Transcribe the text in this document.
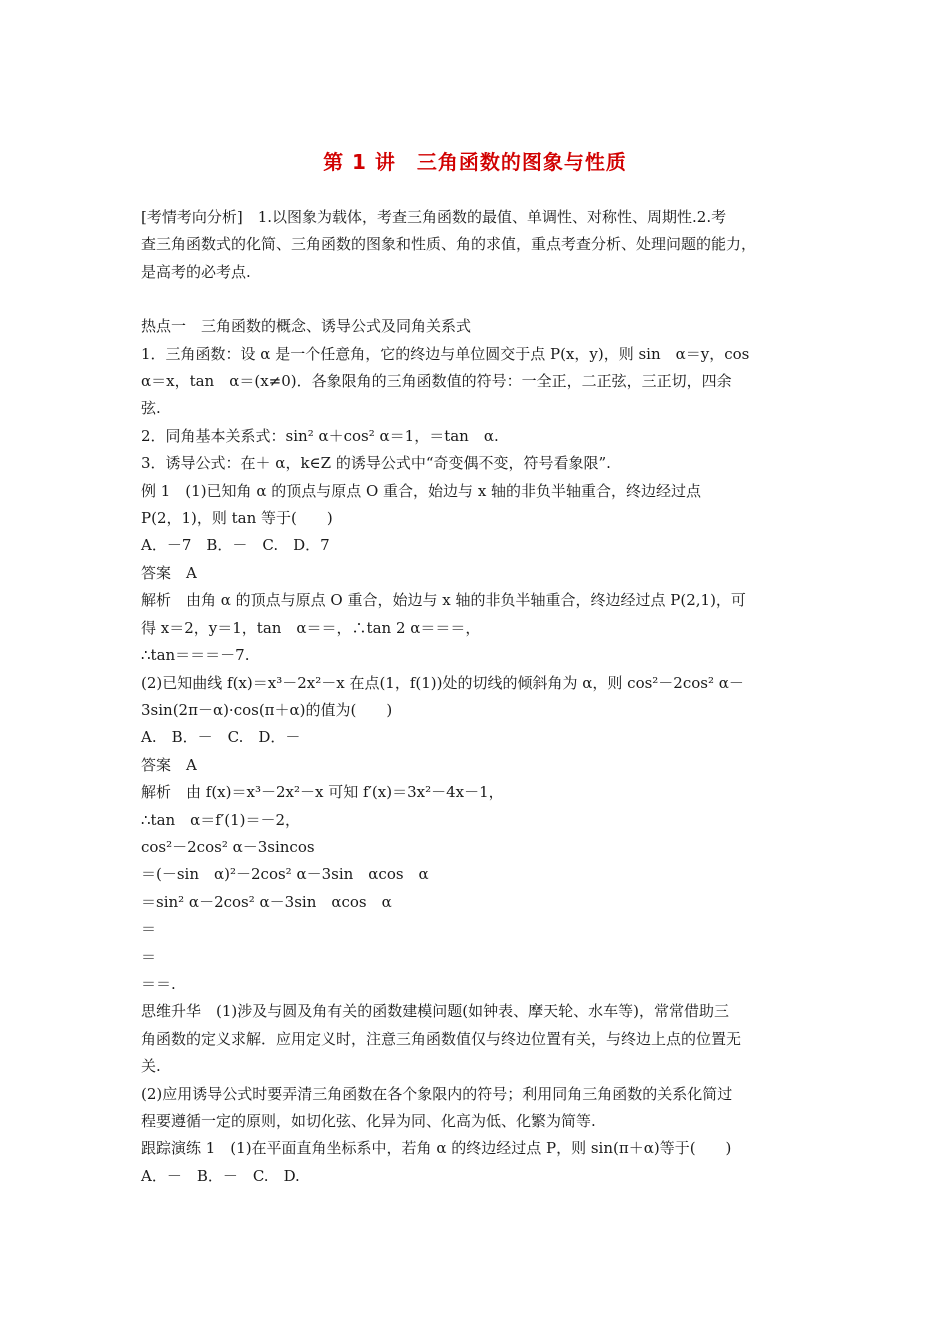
第 1 讲　三角函数的图象与性质

[考情考向分析]　1.以图象为载体，考查三角函数的最值、单调性、对称性、周期性.2.考

查三角函数式的化简、三角函数的图象和性质、角的求值，重点考查分析、处理问题的能力，

是高考的必考点.

热点一　三角函数的概念、诱导公式及同角关系式

1．三角函数：设 α 是一个任意角，它的终边与单位圆交于点 P(x，y)，则 sin　α＝y，cos

α＝x，tan　α＝(x≠0)．各象限角的三角函数值的符号：一全正，二正弦，三正切，四余

弦.

2．同角基本关系式：sin² α＋cos² α＝1，＝tan　α.

3．诱导公式：在＋ α，k∈Z 的诱导公式中“奇变偶不变，符号看象限”.

例 1　(1)已知角 α 的顶点与原点 O 重合，始边与 x 轴的非负半轴重合，终边经过点

P(2，1)，则 tan 等于(　　)

A．－7　B．－　C.　D．7

答案　A

解析　由角 α 的顶点与原点 O 重合，始边与 x 轴的非负半轴重合，终边经过点 P(2,1)，可

得 x＝2，y＝1，tan　α＝＝，∴tan 2 α＝＝＝，

∴tan＝＝＝－7.

(2)已知曲线 f(x)＝x³－2x²－x 在点(1，f(1))处的切线的倾斜角为 α，则 cos²－2cos² α－

3sin(2π－α)·cos(π＋α)的值为(　　)

A.　B．－　C.　D．－

答案　A

解析　由 f(x)＝x³－2x²－x 可知 f′(x)＝3x²－4x－1，

∴tan　α＝f′(1)＝－2，

cos²－2cos² α－3sincos

＝(－sin　α)²－2cos² α－3sin　αcos　α

＝sin² α－2cos² α－3sin　αcos　α

＝

＝

＝＝.

思维升华　(1)涉及与圆及角有关的函数建模问题(如钟表、摩天轮、水车等)，常常借助三

角函数的定义求解．应用定义时，注意三角函数值仅与终边位置有关，与终边上点的位置无

关.

(2)应用诱导公式时要弄清三角函数在各个象限内的符号；利用同角三角函数的关系化简过

程要遵循一定的原则，如切化弦、化异为同、化高为低、化繁为简等.

跟踪演练 1　(1)在平面直角坐标系中，若角 α 的终边经过点 P，则 sin(π＋α)等于(　　)

A．－　B．－　C.　D.
